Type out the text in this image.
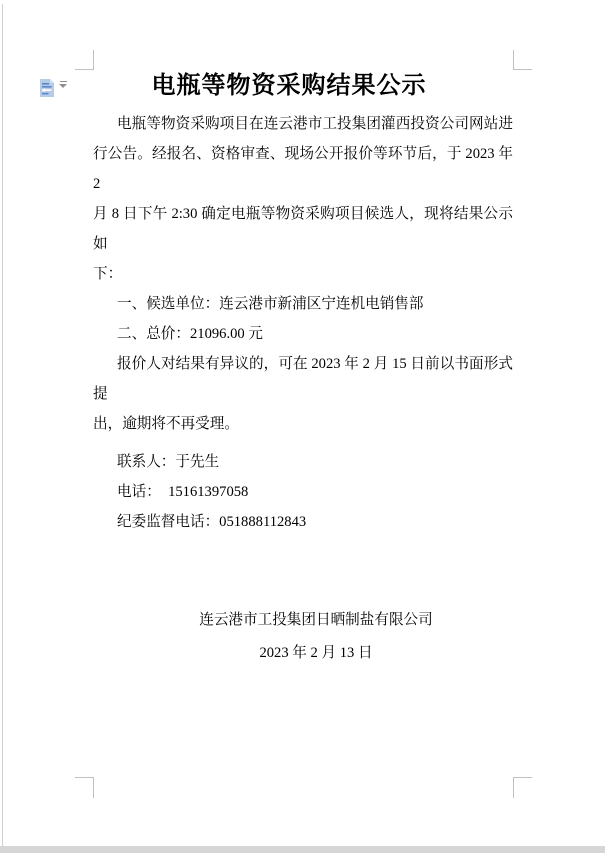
电瓶等物资采购结果公示
电瓶等物资采购项目在连云港市工投集团灌西投资公司网站进
行公告。经报名、资格审查、现场公开报价等环节后，于 2023 年 2
月 8 日下午 2:30 确定电瓶等物资采购项目候选人，现将结果公示如
下：
一、候选单位：连云港市新浦区宁连机电销售部
二、总价：21096.00 元
报价人对结果有异议的，可在 2023 年 2 月 15 日前以书面形式提
出，逾期将不再受理。
联系人：于先生
电话：　15161397058
纪委监督电话：051888112843
连云港市工投集团日晒制盐有限公司
2023 年 2 月 13 日
